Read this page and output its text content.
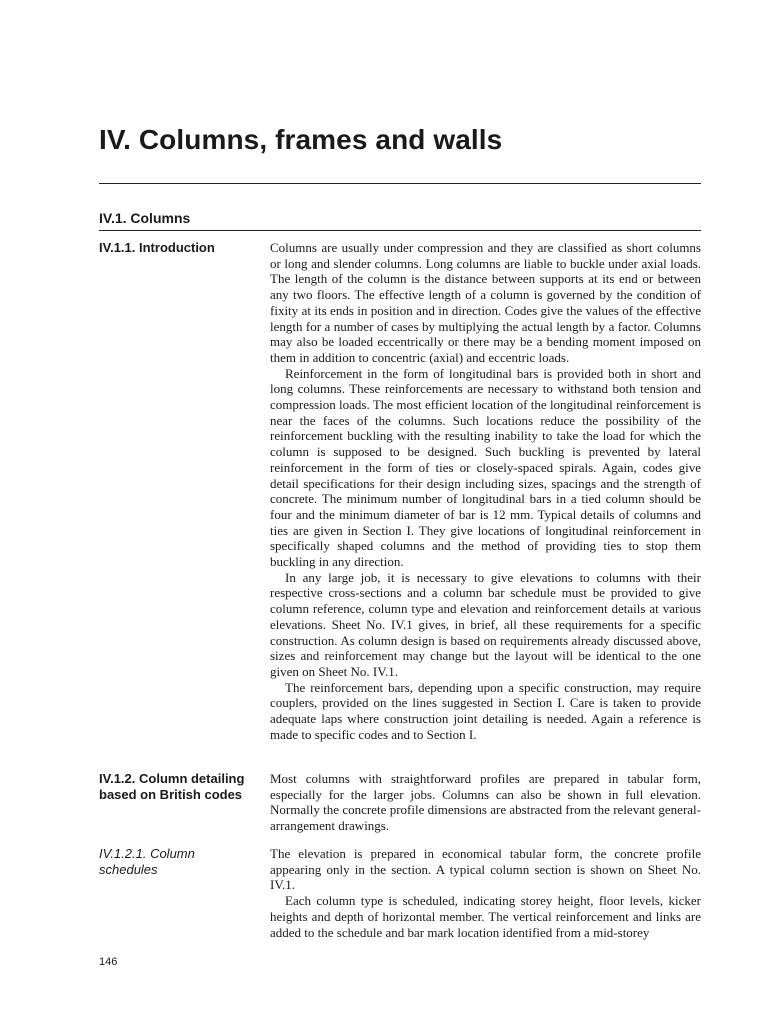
IV. Columns, frames and walls
IV.1. Columns
IV.1.1. Introduction	Columns are usually under compression and they are classified as short columns or long and slender columns. Long columns are liable to buckle under axial loads. The length of the column is the distance between supports at its end or between any two floors. The effective length of a column is governed by the condition of fixity at its ends in position and in direction. Codes give the values of the effective length for a number of cases by multiplying the actual length by a factor. Columns may also be loaded eccentrically or there may be a bending moment imposed on them in addition to concentric (axial) and eccentric loads.

Reinforcement in the form of longitudinal bars is provided both in short and long columns. These reinforcements are necessary to withstand both tension and compression loads. The most efficient location of the longitudinal reinforcement is near the faces of the columns. Such locations reduce the possibility of the reinforcement buckling with the resulting inability to take the load for which the column is supposed to be designed. Such buckling is prevented by lateral reinforcement in the form of ties or closely-spaced spirals. Again, codes give detail specifications for their design including sizes, spacings and the strength of concrete. The minimum number of longitudinal bars in a tied column should be four and the minimum diameter of bar is 12 mm. Typical details of columns and ties are given in Section I. They give locations of longitudinal reinforcement in specifically shaped columns and the method of providing ties to stop them buckling in any direction.

In any large job, it is necessary to give elevations to columns with their respective cross-sections and a column bar schedule must be provided to give column reference, column type and elevation and reinforcement details at various elevations. Sheet No. IV.1 gives, in brief, all these requirements for a specific construction. As column design is based on requirements already discussed above, sizes and reinforcement may change but the layout will be identical to the one given on Sheet No. IV.1.

The reinforcement bars, depending upon a specific construction, may require couplers, provided on the lines suggested in Section I. Care is taken to provide adequate laps where construction joint detailing is needed. Again a reference is made to specific codes and to Section I.

IV.1.2. Column detailing based on British codes

Most columns with straightforward profiles are prepared in tabular form, especially for the larger jobs. Columns can also be shown in full elevation. Normally the concrete profile dimensions are abstracted from the relevant general-arrangement drawings.

IV.1.2.1. Column schedules

The elevation is prepared in economical tabular form, the concrete profile appearing only in the section. A typical column section is shown on Sheet No. IV.1.

Each column type is scheduled, indicating storey height, floor levels, kicker heights and depth of horizontal member. The vertical reinforcement and links are added to the schedule and bar mark location identified from a mid-storey

146
